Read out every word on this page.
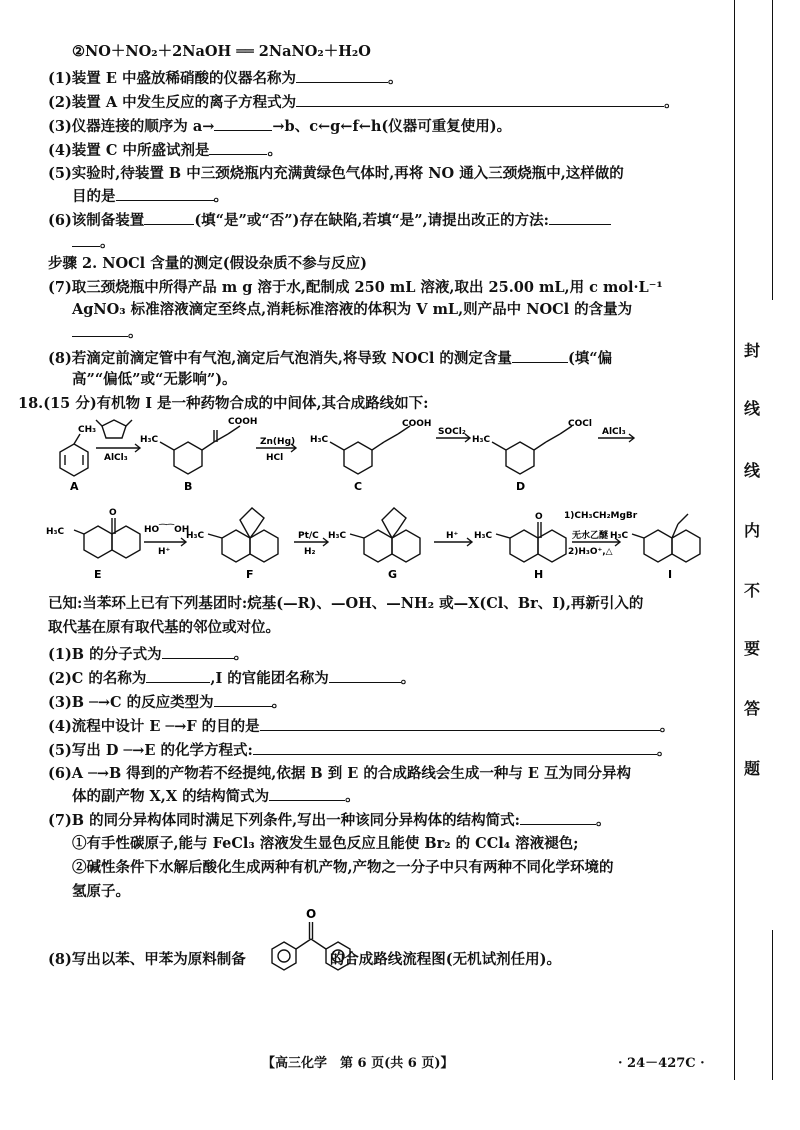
②NO＋NO₂＋2NaOH ══ 2NaNO₂＋H₂O
(1)装置 E 中盛放稀硝酸的仪器名称为	。
(2)装置 A 中发生反应的离子方程式为	。
(3)仪器连接的顺序为 a→	→b、c←g←f←h(仪器可重复使用)。
(4)装置 C 中所盛试剂是	。
(5)实验时,待装置 B 中三颈烧瓶内充满黄绿色气体时,再将 NO 通入三颈烧瓶中,这样做的
目的是	。
(6)该制备装置	(填“是”或“否”)存在缺陷,若填“是”,请提出改正的方法:
。
步骤 2. NOCl 含量的测定(假设杂质不参与反应)
(7)取三颈烧瓶中所得产品 m g 溶于水,配制成 250 mL 溶液,取出 25.00 mL,用 c mol·L⁻¹
AgNO₃ 标准溶液滴定至终点,消耗标准溶液的体积为 V mL,则产品中 NOCl 的含量为
。
(8)若滴定前滴定管中有气泡,滴定后气泡消失,将导致 NOCl 的测定含量	(填“偏
高”“偏低”或“无影响”)。
18.(15 分)有机物 I 是一种药物合成的中间体,其合成路线如下:
CH₃
H₃C
COOH
H₃C
COOH
H₃C
COCl
H₃C
O
H₃C	H₃C	H₃C
O
H₃C
AlCl₃
Zn(Hg)
HCl
SOCl₂	AlCl₃
HO⁀⁀OH
H⁺
Pt/C
H₂
H⁺
1)CH₃CH₂MgBr
无水乙醚
2)H₃O⁺,△
A	B	C	D
E	F	G	H	I
已知:当苯环上已有下列基团时:烷基(—R)、—OH、—NH₂ 或—X(Cl、Br、I),再新引入的
取代基在原有取代基的邻位或对位。
(1)B 的分子式为	。
(2)C 的名称为	,I 的官能团名称为	。
(3)B ─→C 的反应类型为	。
(4)流程中设计 E ─→F 的目的是	。
(5)写出 D ─→E 的化学方程式:	。
(6)A ─→B 得到的产物若不经提纯,依据 B 到 E 的合成路线会生成一种与 E 互为同分异构
体的副产物 X,X 的结构简式为	。
(7)B 的同分异构体同时满足下列条件,写出一种该同分异构体的结构简式:	。
①有手性碳原子,能与 FeCl₃ 溶液发生显色反应且能使 Br₂ 的 CCl₄ 溶液褪色;
②碱性条件下水解后酸化生成两种有机产物,产物之一分子中只有两种不同化学环境的
氢原子。
(8)写出以苯、甲苯为原料制备	的合成路线流程图(无机试剂任用)。
O
封
线
线
内
不
要
答
题
【高三化学　第 6 页(共 6 页)】	· 24－427C ·
